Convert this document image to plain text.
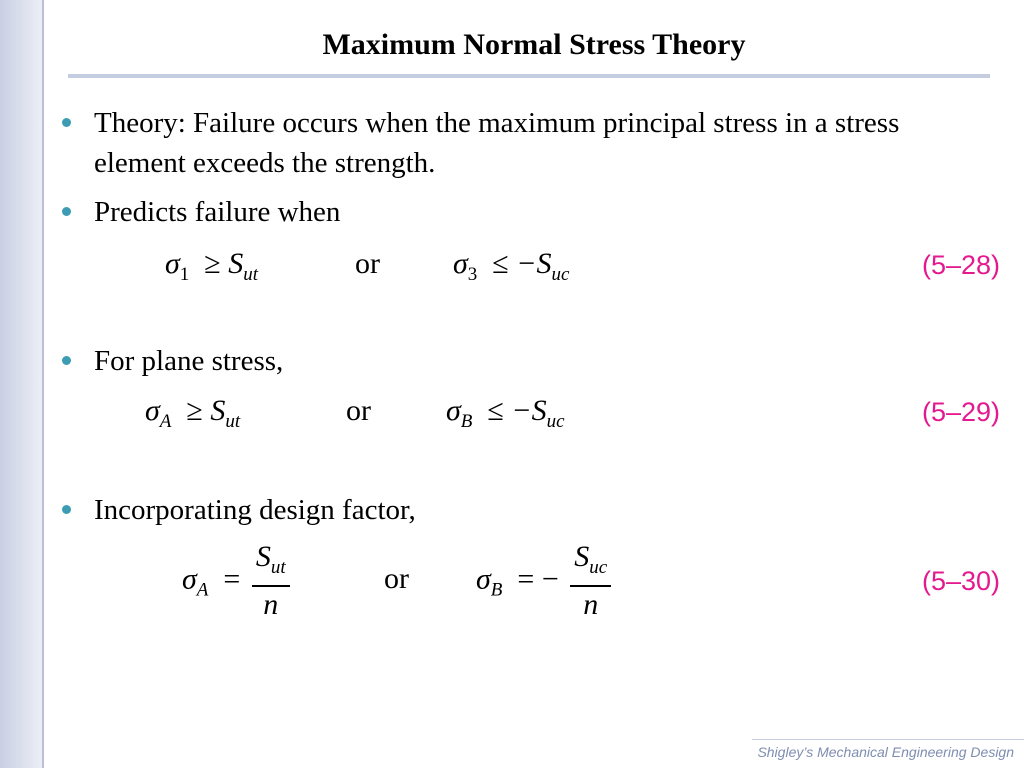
Maximum Normal Stress Theory
Theory: Failure occurs when the maximum principal stress in a stress element exceeds the strength.
Predicts failure when
$\sigma_1 \ge S_{ut}$	or $\sigma_3 \le -S_{uc}$	(5–28)
For plane stress,
$\sigma_A \ge S_{ut}$	or	$\sigma_B \le -S_{uc}$	(5–29)
Incorporating design factor,
$\sigma_A = \frac{S_{ut}}{n}$	or $\sigma_B$ = − $\frac{S_{uc}}{n}$	(5–30)
Shigley’s Mechanical Engineering Design
